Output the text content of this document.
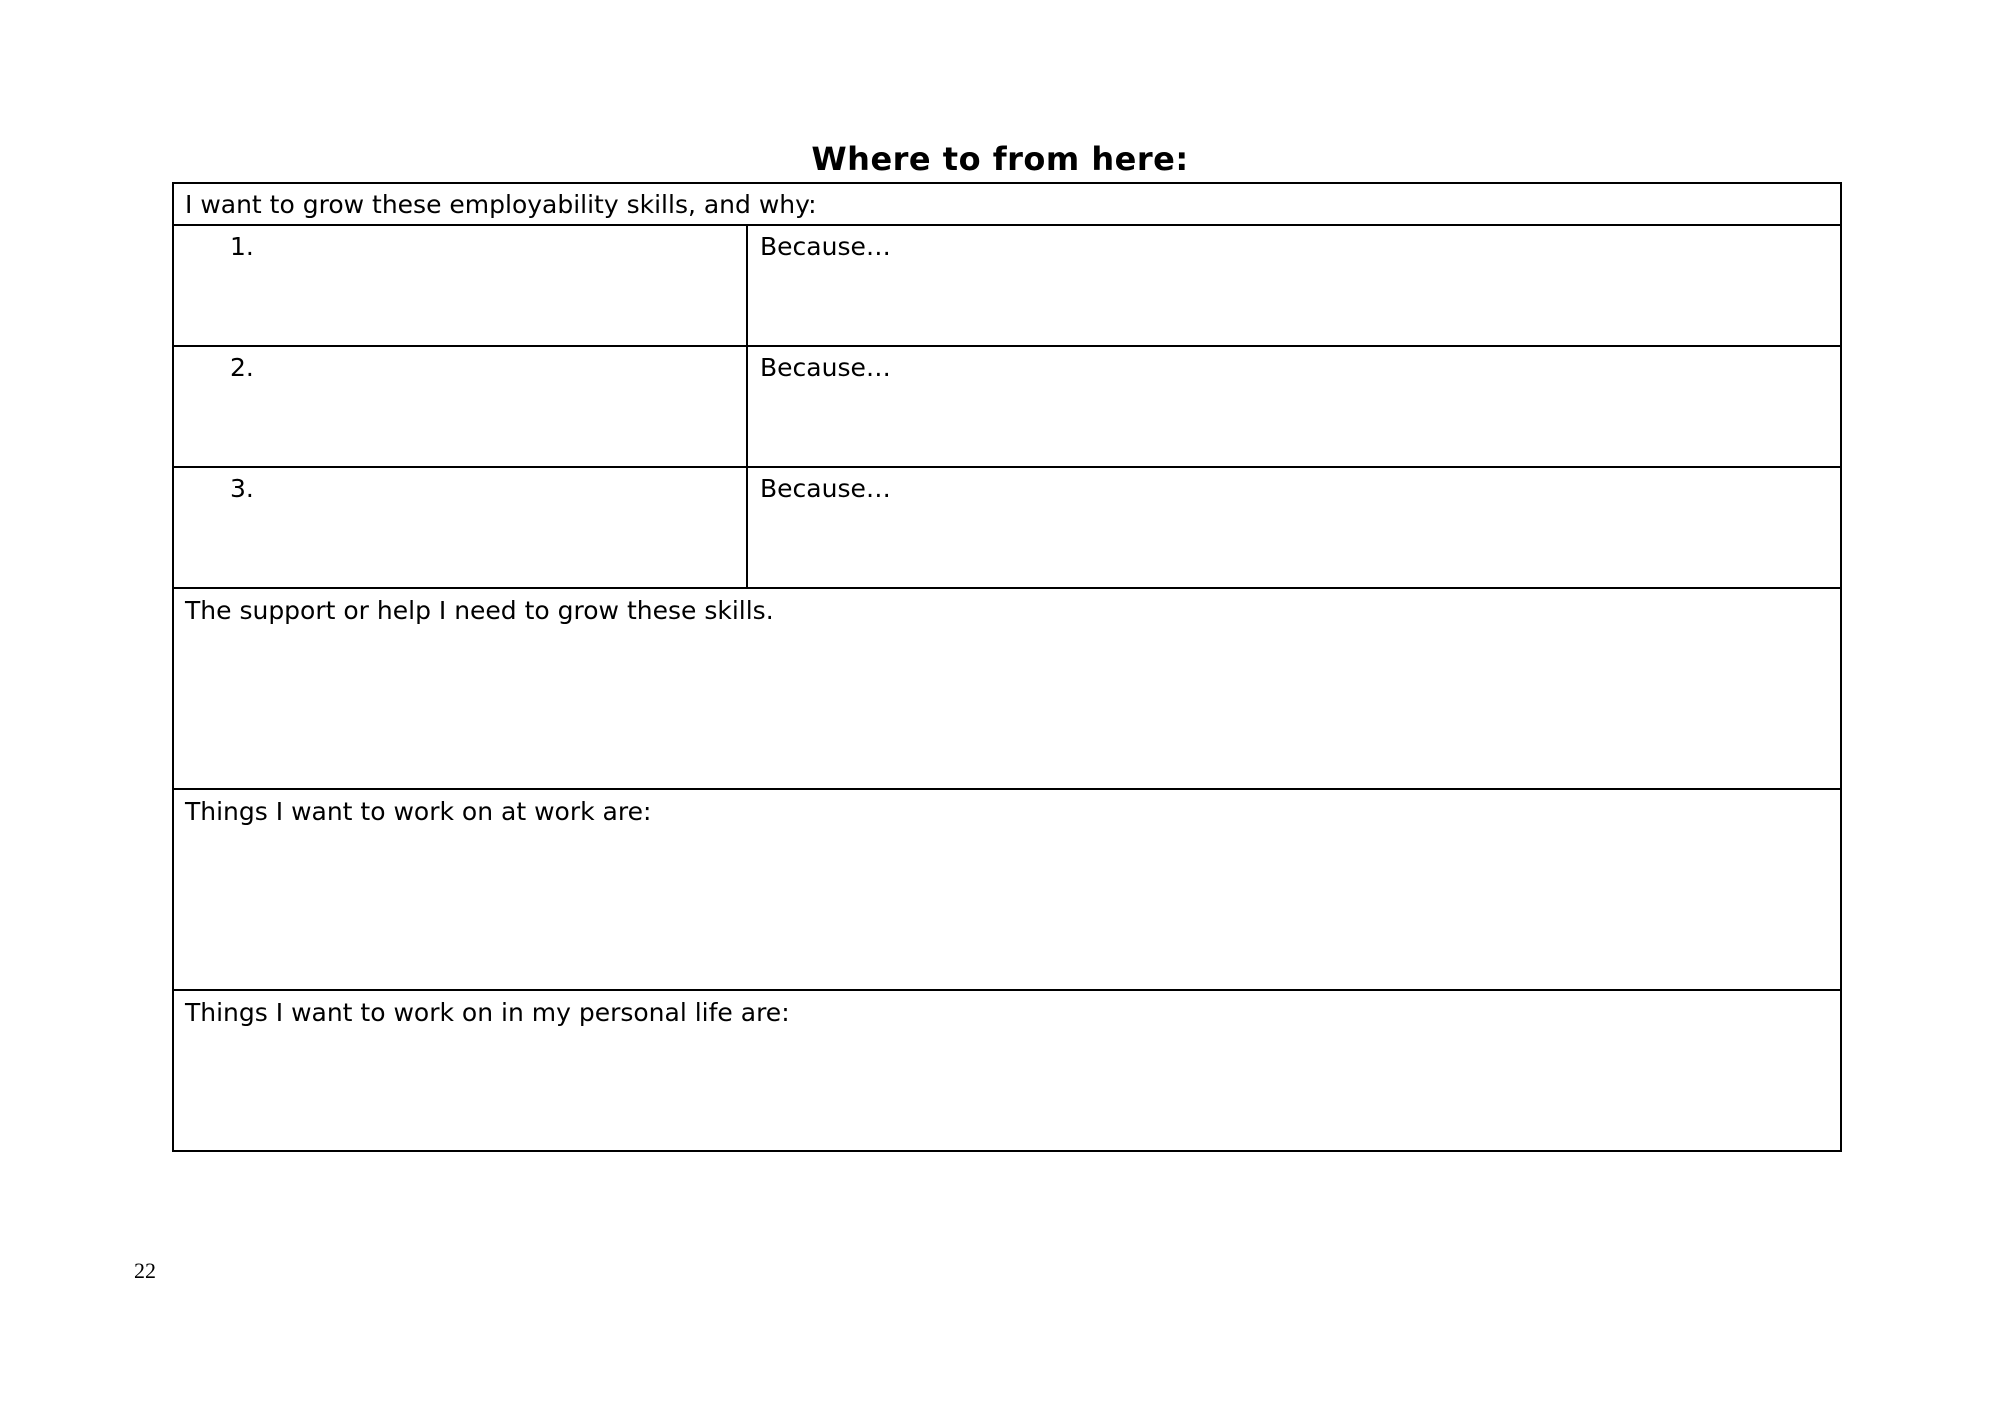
Where to from here:
I want to grow these employability skills, and why:	

1.	Because…

2.	Because…

3.	Because…

The support or help I need to grow these skills.	

Things I want to work on at work are:	

Things I want to work on in my personal life are:	
22
